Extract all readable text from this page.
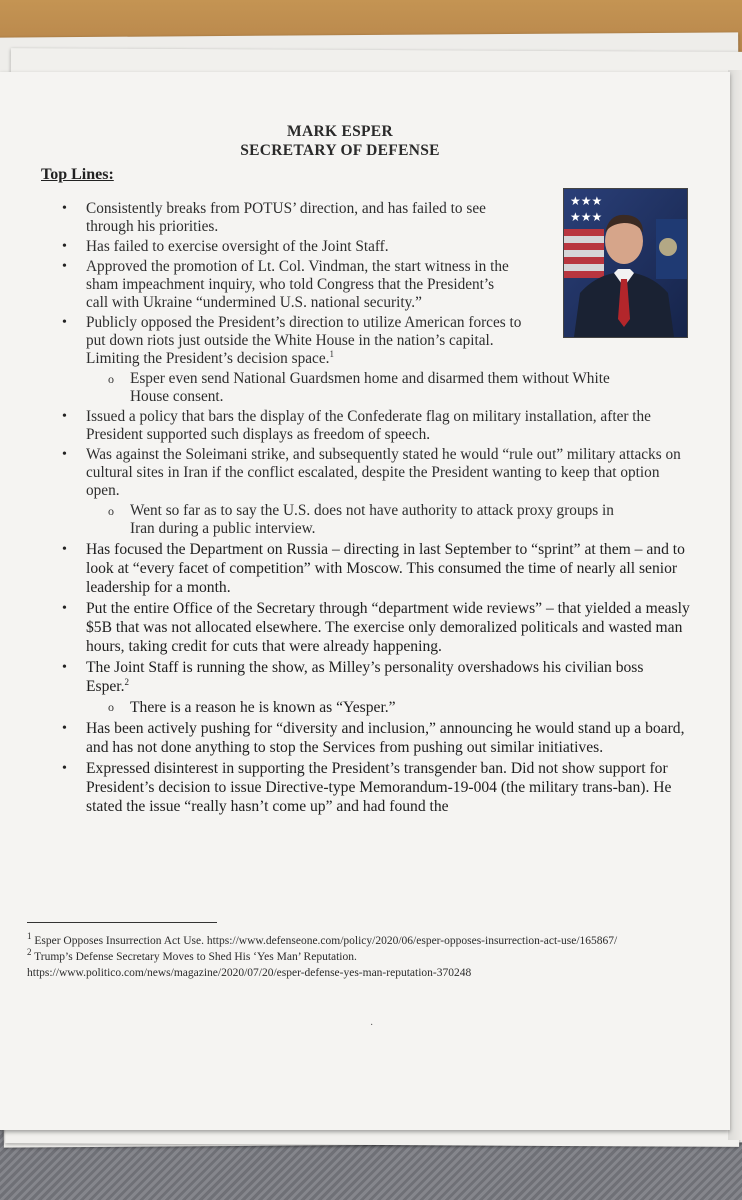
MARK ESPER
SECRETARY OF DEFENSE
Top Lines:
★★★
★★★
• Consistently breaks from POTUS’ direction, and has failed to see through his priorities.
• Has failed to exercise oversight of the Joint Staff.
• Approved the promotion of Lt. Col. Vindman, the start witness in the sham impeachment inquiry, who told Congress that the President’s call with Ukraine “undermined U.S. national security.”
• Publicly opposed the President’s direction to utilize American forces to put down riots just outside the White House in the nation’s capital. Limiting the President’s decision space.$^1$
o Esper even send National Guardsmen home and disarmed them without White House consent.
• Issued a policy that bars the display of the Confederate flag on military installation, after the President supported such displays as freedom of speech.
• Was against the Soleimani strike, and subsequently stated he would “rule out” military attacks on cultural sites in Iran if the conflict escalated, despite the President wanting to keep that option open.
o Went so far as to say the U.S. does not have authority to attack proxy groups in Iran during a public interview.
• Has focused the Department on Russia – directing in last September to “sprint” at them – and to look at “every facet of competition” with Moscow. This consumed the time of nearly all senior leadership for a month.
• Put the entire Office of the Secretary through “department wide reviews” – that yielded a measly $5B that was not allocated elsewhere. The exercise only demoralized politicals and wasted man hours, taking credit for cuts that were already happening.
• The Joint Staff is running the show, as Milley’s personality overshadows his civilian boss Esper.$^2$
o There is a reason he is known as “Yesper.”
• Has been actively pushing for “diversity and inclusion,” announcing he would stand up a board, and has not done anything to stop the Services from pushing out similar initiatives.
• Expressed disinterest in supporting the President’s transgender ban. Did not show support for President’s decision to issue Directive-type Memorandum-19-004 (the military trans-ban). He stated the issue “really hasn’t come up” and had found the

$^1$ Esper Opposes Insurrection Act Use. https://www.defenseone.com/policy/2020/06/esper-opposes-insurrection-act-use/165867/

$^2$ Trump’s Defense Secretary Moves to Shed His ‘Yes Man’ Reputation.

https://www.politico.com/news/magazine/2020/07/20/esper-defense-yes-man-reputation-370248

·
